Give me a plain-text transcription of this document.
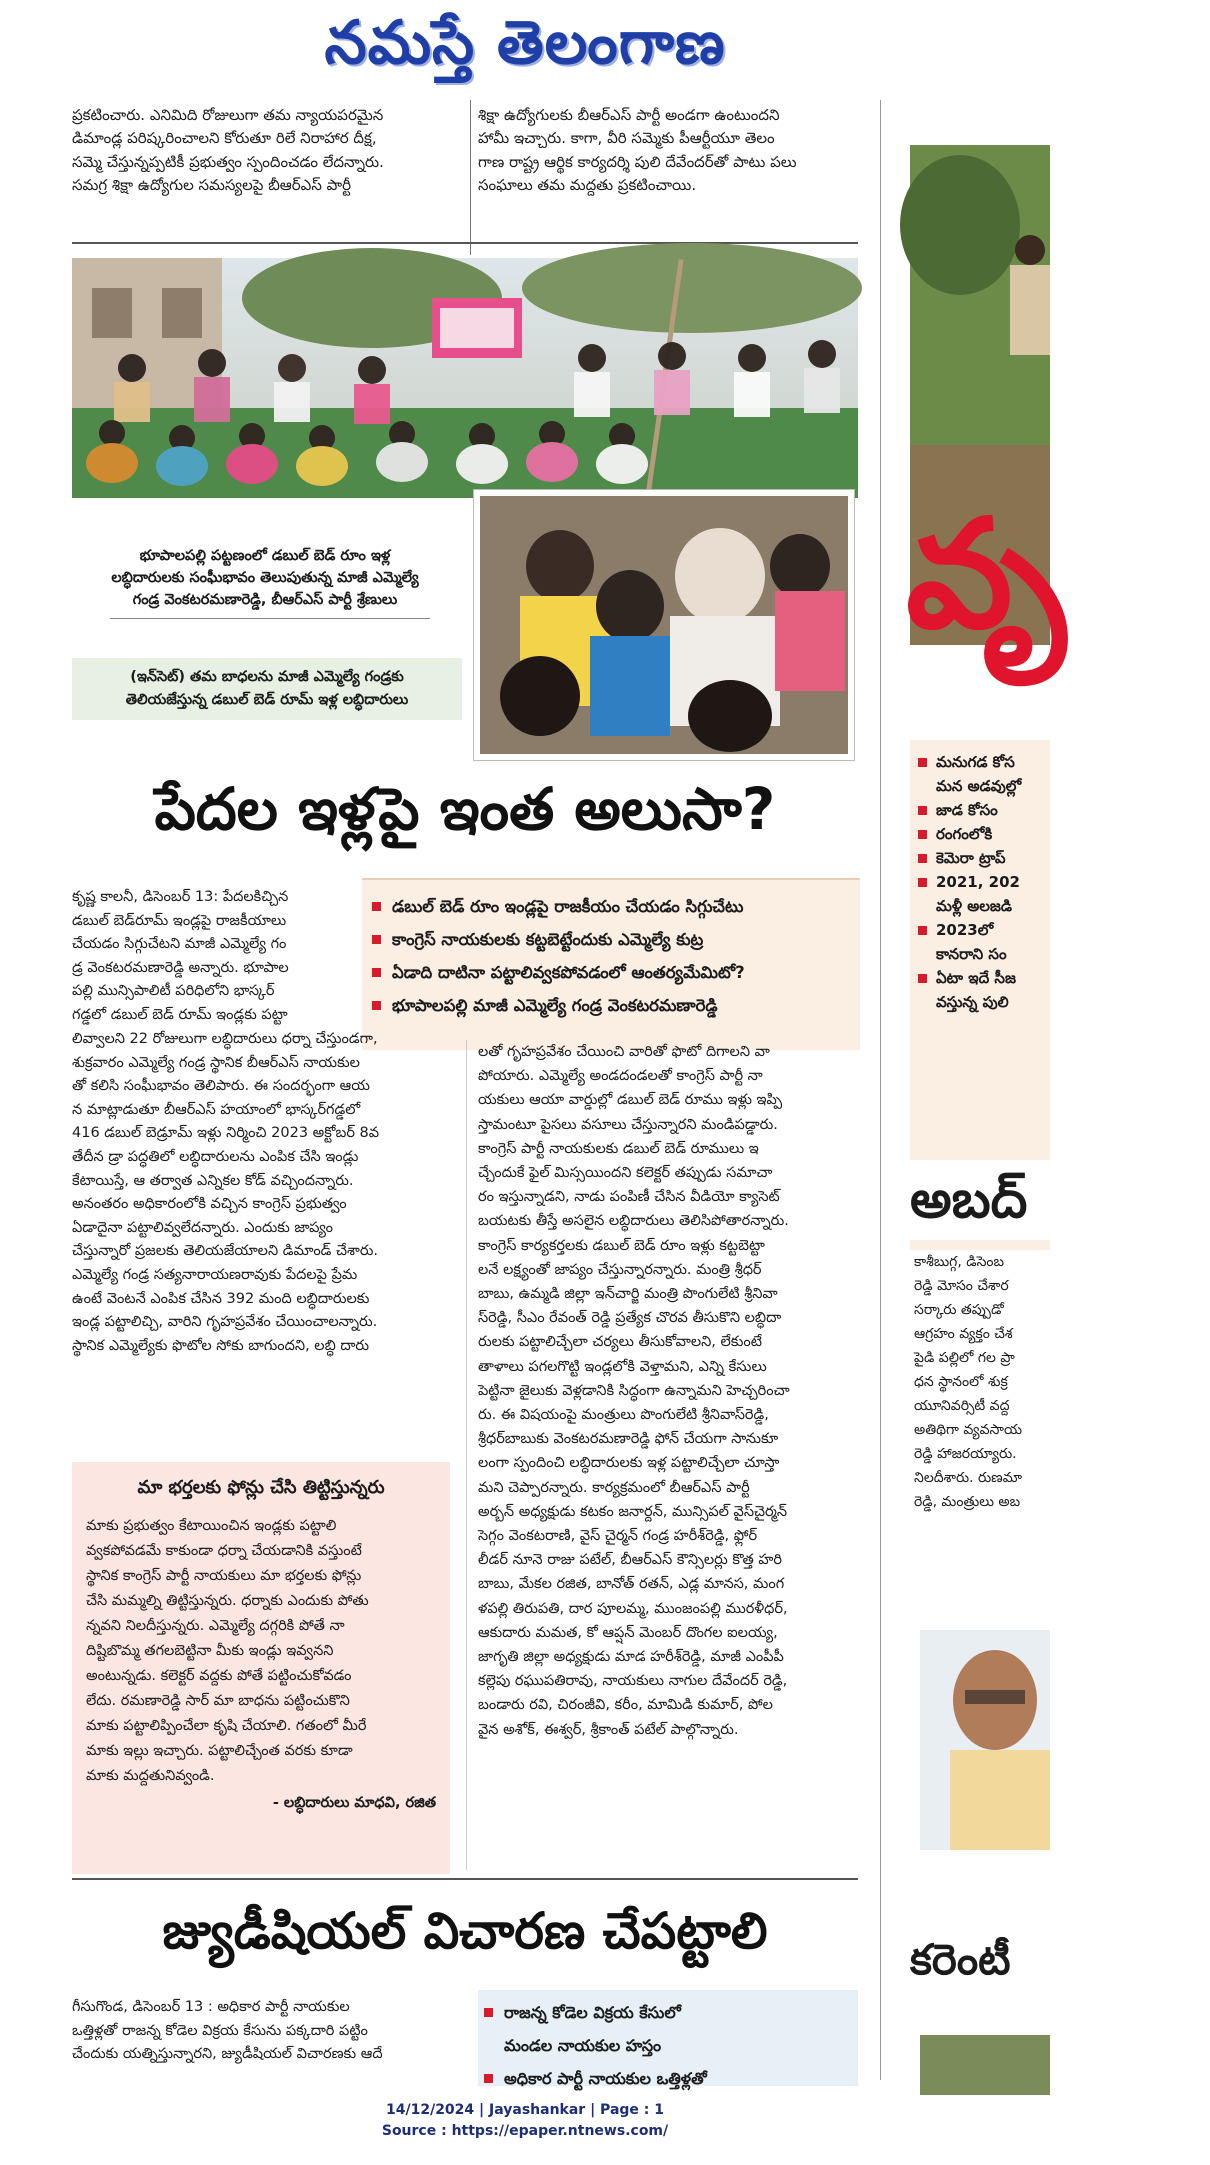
నమస్తే తెలంగాణ

ప్రకటించారు. ఎనిమిది రోజులుగా తమ న్యాయపరమైన

డిమాండ్ల పరిష్కరించాలని కోరుతూ రిలే నిరాహార దీక్ష,

సమ్మె చేస్తున్నప్పటికీ ప్రభుత్వం స్పందించడం లేదన్నారు.

సమగ్ర శిక్షా ఉద్యోగుల సమస్యలపై బీఆర్ఎస్ పార్టీ

శిక్షా ఉద్యోగులకు బీఆర్ఎస్ పార్టీ అండగా ఉంటుందని

హామీ ఇచ్చారు. కాగా, వీరి సమ్మెకు పీఆర్టీయూ తెలం

గాణ రాష్ట్ర ఆర్థిక కార్యదర్శి పులి దేవేందర్‌తో పాటు పలు

సంఘాలు తమ మద్దతు ప్రకటించాయి.

భూపాలపల్లి పట్టణంలో డబుల్ బెడ్ రూం ఇళ్ల
లబ్ధిదారులకు సంఘీభావం తెలుపుతున్న మాజీ ఎమ్మెల్యే
గండ్ర వెంకటరమణారెడ్డి, బీఆర్ఎస్ పార్టీ శ్రేణులు
(ఇన్‌సెట్) తమ బాధలను మాజీ ఎమ్మెల్యే గండ్రకు
తెలియజేస్తున్న డబుల్ బెడ్ రూమ్ ఇళ్ల లబ్ధిదారులు
పేదల ఇళ్లపై ఇంత అలుసా?
డబుల్ బెడ్ రూం ఇండ్లపై రాజకీయం చేయడం సిగ్గుచేటు
కాంగ్రెస్ నాయకులకు కట్టబెట్టేందుకు ఎమ్మెల్యే కుట్ర
ఏడాది దాటినా పట్టాలివ్వకపోవడంలో ఆంతర్యమేమిటో?
భూపాలపల్లి మాజీ ఎమ్మెల్యే గండ్ర వెంకటరమణారెడ్డి

కృష్ణ కాలనీ, డిసెంబర్ 13: పేదలకిచ్చిన

డబుల్ బెడ్‌రూమ్ ఇండ్లపై రాజకీయాలు

చేయడం సిగ్గుచేటని మాజీ ఎమ్మెల్యే గం

డ్ర వెంకటరమణారెడ్డి అన్నారు. భూపాల

పల్లి మున్సిపాలిటీ పరిధిలోని భాస్కర్

గడ్డలో డబుల్ బెడ్ రూమ్ ఇండ్లకు పట్టా

లివ్వాలని 22 రోజులుగా లబ్ధిదారులు ధర్నా చేస్తుండగా,

శుక్రవారం ఎమ్మెల్యే గండ్ర స్థానిక బీఆర్ఎస్ నాయకుల

తో కలిసి సంఘీభావం తెలిపారు. ఈ సందర్భంగా ఆయ

న మాట్లాడుతూ బీఆర్ఎస్ హయాంలో భాస్కర్‌గడ్డలో

416 డబుల్ బెడ్రూమ్ ఇళ్లు నిర్మించి 2023 అక్టోబర్ 8వ

తేదీన డ్రా పద్ధతిలో లబ్ధిదారులను ఎంపిక చేసి ఇండ్లు

కేటాయిస్తే, ఆ తర్వాత ఎన్నికల కోడ్ వచ్చిందన్నారు.

అనంతరం అధికారంలోకి వచ్చిన కాంగ్రెస్ ప్రభుత్వం

ఏడాదైనా పట్టాలివ్వలేదన్నారు. ఎందుకు జాప్యం

చేస్తున్నారో ప్రజలకు తెలియజేయాలని డిమాండ్ చేశారు.

ఎమ్మెల్యే గండ్ర సత్యనారాయణరావుకు పేదలపై ప్రేమ

ఉంటే వెంటనే ఎంపిక చేసిన 392 మంది లబ్ధిదారులకు

ఇండ్ల పట్టాలిచ్చి, వారిని గృహప్రవేశం చేయించాలన్నారు.

స్థానిక ఎమ్మెల్యేకు ఫొటోల సోకు బాగుందని, లబ్ధి దారు

మా భర్తలకు ఫోన్లు చేసి తిట్టిస్తున్నరు

మాకు ప్రభుత్వం కేటాయించిన ఇండ్లకు పట్టాలి

వ్వకపోవడమే కాకుండా ధర్నా చేయడానికి వస్తుంటే

స్థానిక కాంగ్రెస్ పార్టీ నాయకులు మా భర్తలకు ఫోన్లు

చేసి మమ్మల్ని తిట్టిస్తున్నరు. ధర్నాకు ఎందుకు పోతు

న్నవని నిలదీస్తున్నరు. ఎమ్మెల్యే దగ్గరికి పోతే నా

దిష్టిబొమ్మ తగలబెట్టినా మీకు ఇండ్లు ఇవ్వనని

అంటున్నడు. కలెక్టర్ వద్దకు పోతే పట్టించుకోవడం

లేదు. రమణారెడ్డి సార్ మా బాధను పట్టించుకొని

మాకు పట్టాలిప్పించేలా కృషి చేయాలి. గతంలో మీరే

మాకు ఇల్లు ఇచ్చారు. పట్టాలిచ్చేంత వరకు కూడా

మాకు మద్దతునివ్వండి.

- లబ్ధిదారులు మాధవి, రజిత

లతో గృహప్రవేశం చేయించి వారితో ఫొటో దిగాలని వా

పోయారు. ఎమ్మెల్యే అండదండలతో కాంగ్రెస్ పార్టీ నా

యకులు ఆయా వార్డుల్లో డబుల్ బెడ్ రూము ఇళ్లు ఇప్పి

స్తామంటూ పైసలు వసూలు చేస్తున్నారని మండిపడ్డారు.

కాంగ్రెస్ పార్టీ నాయకులకు డబుల్ బెడ్ రూములు ఇ

చ్చేందుకే ఫైల్ మిస్సయిందని కలెక్టర్ తప్పుడు సమాచా

రం ఇస్తున్నాడని, నాడు పంపిణీ చేసిన వీడియో క్యాసెట్

బయటకు తీస్తే అసలైన లబ్ధిదారులు తెలిసిపోతారన్నారు.

కాంగ్రెస్ కార్యకర్తలకు డబుల్ బెడ్ రూం ఇళ్లు కట్టబెట్టా

లనే లక్ష్యంతో జాప్యం చేస్తున్నారన్నారు. మంత్రి శ్రీధర్

బాబు, ఉమ్మడి జిల్లా ఇన్‌చార్జి మంత్రి పొంగులేటి శ్రీనివా

స్‌రెడ్డి, సీఎం రేవంత్ రెడ్డి ప్రత్యేక చొరవ తీసుకొని లబ్ధిదా

రులకు పట్టాలిచ్చేలా చర్యలు తీసుకోవాలని, లేకుంటే

తాళాలు పగలగొట్టి ఇండ్లలోకి వెళ్తామని, ఎన్ని కేసులు

పెట్టినా జైలుకు వెళ్లడానికి సిద్ధంగా ఉన్నామని హెచ్చరించా

రు. ఈ విషయంపై మంత్రులు పొంగులేటి శ్రీనివాస్‌రెడ్డి,

శ్రీధర్‌బాబుకు వెంకటరమణారెడ్డి ఫోన్ చేయగా సానుకూ

లంగా స్పందించి లబ్ధిదారులకు ఇళ్ల పట్టాలిచ్చేలా చూస్తా

మని చెప్పారన్నారు. కార్యక్రమంలో బీఆర్ఎస్ పార్టీ

అర్బన్ అధ్యక్షుడు కటకం జనార్దన్, మున్సిపల్ వైస్‌చైర్మన్

సెగ్గం వెంకటరాణి, వైస్ చైర్మన్ గండ్ర హరీశ్‌రెడ్డి, ఫ్లోర్

లీడర్ నూనె రాజు పటేల్, బీఆర్ఎస్ కౌన్సిలర్లు కొత్త హరి

బాబు, మేకల రజిత, బానోత్ రతన్, ఎడ్ల మానస, మంగ

ళపల్లి తిరుపతి, దార పూలమ్మ, ముంజంపల్లి మురళీధర్,

ఆకుదారు మమత, కో ఆప్షన్ మెంబర్ దొంగల ఐలయ్య,

జాగృతి జిల్లా అధ్యక్షుడు మాడ హరీశ్‌రెడ్డి, మాజీ ఎంపీపీ

కల్లెపు రఘుపతిరావు, నాయకులు నాగుల దేవేందర్ రెడ్డి,

బండారు రవి, చిరంజీవి, కరీం, మామిడి కుమార్, పోల

వైన అశోక్, ఈశ్వర్, శ్రీకాంత్ పటేల్ పాల్గొన్నారు.

జ్యుడీషియల్ విచారణ చేపట్టాలి

గీసుగొండ, డిసెంబర్ 13 : అధికార పార్టీ నాయకుల

ఒత్తిళ్లతో రాజన్న కోడెల విక్రయ కేసును పక్కదారి పట్టిం

చేందుకు యత్నిస్తున్నారని, జ్యుడీషియల్ విచారణకు ఆదే

రాజన్న కోడెల విక్రయ కేసులో
మండల నాయకుల హస్తం
అధికార పార్టీ నాయకుల ఒత్తిళ్లతో
వృ
మనుగడ కోస
మన అడవుల్లో
జాడ కోసం
రంగంలోకి
కెమెరా ట్రాప్
2021, 202
మళ్లీ అలజడి
2023లో
కానరాని సం
ఏటా ఇదే సీజ
వస్తున్న పులి
అబద్

కాశీబుగ్గ, డిసెంబ

రెడ్డి మోసం చేశార

సర్కారు తప్పుడో

ఆగ్రహం వ్యక్తం చేశ

పైడి పల్లిలో గల ప్రా

ధన స్థానంలో శుక్ర

యూనివర్సిటీ వద్ద

అతిథిగా వ్యవసాయ

రెడ్డి హాజరయ్యారు.

నిలదీశారు. రుణమా

రెడ్డి, మంత్రులు అబ

కరెంటీ
14/12/2024 | Jayashankar | Page : 1
Source : https://epaper.ntnews.com/
